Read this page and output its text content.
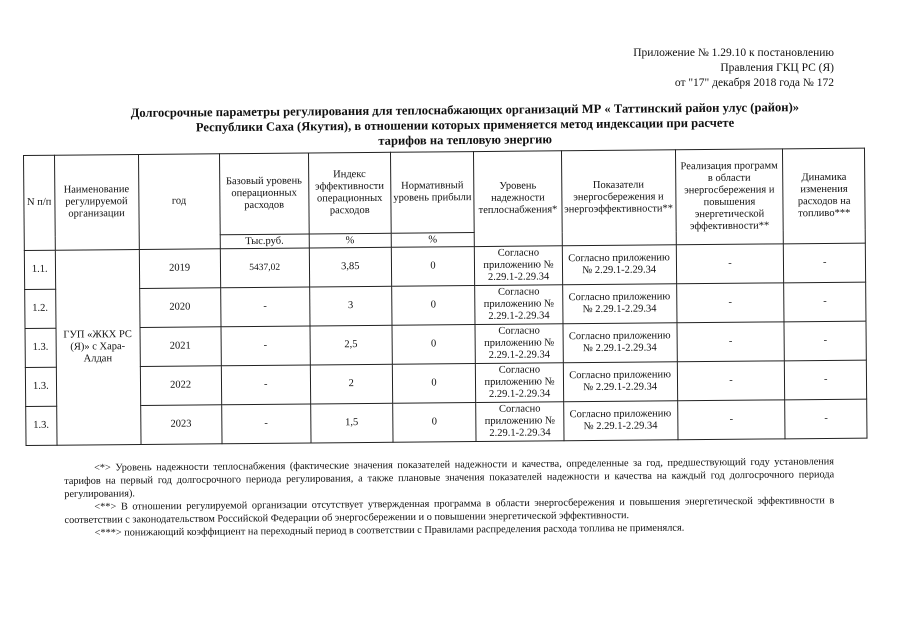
Приложение № 1.29.10 к постановлению
Правления ГКЦ РС (Я)
от "17" декабря 2018 года № 172
Долгосрочные параметры регулирования для теплоснабжающих организаций МР « Таттинский район улус (район)»
Республики Саха (Якутия), в отношении которых применяется метод индексации при расчете
тарифов на тепловую энергию
N п/п	Наименование регулируемой организации	год	Базовый уровень операционных расходов	Индекс эффективности операционных расходов	Нормативный уровень прибыли	Уровень надежности теплоснабжения*	Показатели энергосбережения и энергоэффективности**	Реализация программ в области энергосбережения и повышения энергетической эффективности**	Динамика изменения расходов на топливо***
			Тыс.руб.	%	%				
1.1.	ГУП «ЖКХ РС (Я)» с Хара-Алдан	2019	5437,02	3,85	0	Согласно приложению № 2.29.1-2.29.34	Согласно приложению № 2.29.1-2.29.34	-	-
1.2.		2020	-	3	0	Согласно приложению № 2.29.1-2.29.34	Согласно приложению № 2.29.1-2.29.34	-	-
1.3.		2021	-	2,5	0	Согласно приложению № 2.29.1-2.29.34	Согласно приложению № 2.29.1-2.29.34	-	-
1.3.		2022	-	2	0	Согласно приложению № 2.29.1-2.29.34	Согласно приложению № 2.29.1-2.29.34	-	-
1.3.		2023	-	1,5	0	Согласно приложению № 2.29.1-2.29.34	Согласно приложению № 2.29.1-2.29.34	-	-

<*> Уровень надежности теплоснабжения (фактические значения показателей надежности и качества, определенные за год, предшествующий году установления тарифов на первый год долгосрочного периода регулирования, а также плановые значения показателей надежности и качества на каждый год долгосрочного периода регулирования).

<**> В отношении регулируемой организации отсутствует утвержденная программа в области энергосбережения и повышения энергетической эффективности в соответствии с законодательством Российской Федерации об энергосбережении и о повышении энергетической эффективности.

<***> понижающий коэффициент на переходный период в соответствии с Правилами распределения расхода топлива не применялся.
